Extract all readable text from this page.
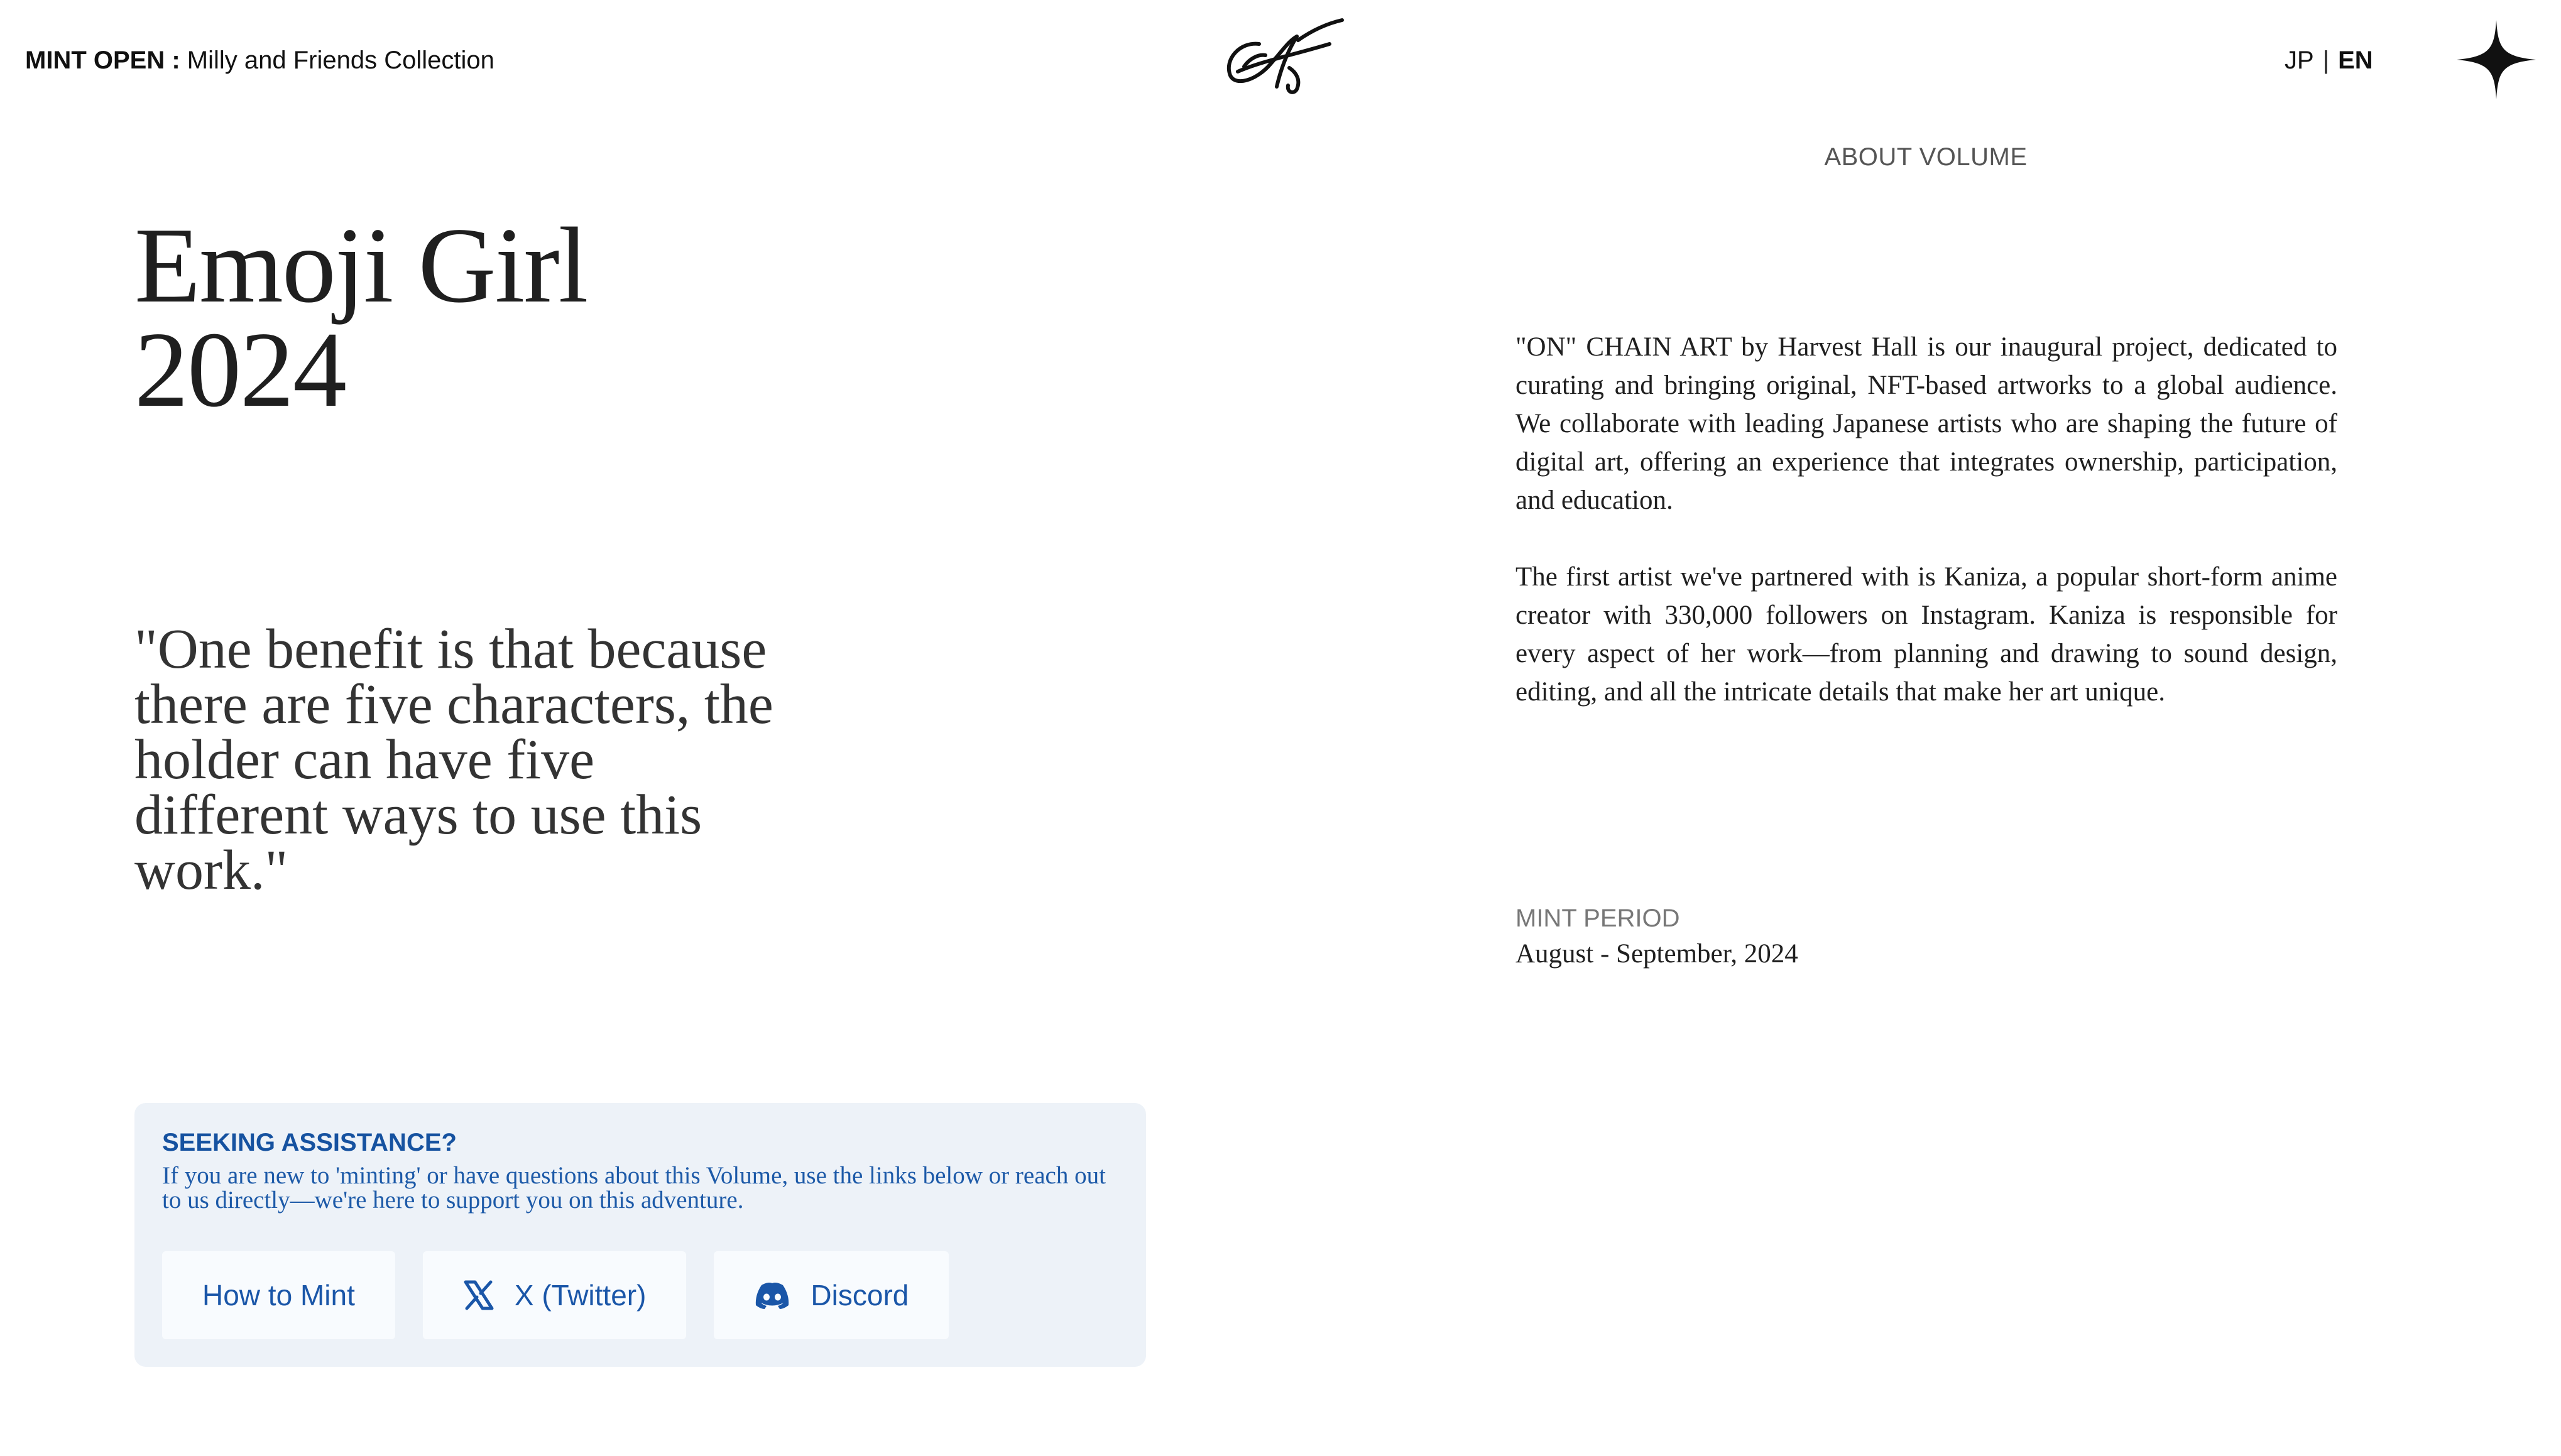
MINT OPEN : Milly and Friends Collection	JP | EN
Emoji Girl
2024

"One benefit is that because there are five characters, the holder can have five different ways to use this work."

SEEKING ASSISTANCE?

If you are new to 'minting' or have questions about this Volume, use the links below or reach out to us directly—we're here to support you on this adventure.

How to Mint	X (Twitter)	Discord
ABOUT VOLUME

"ON" CHAIN ART by Harvest Hall is our inaugural project, dedicated to curating and bringing original, NFT-based artworks to a global audience. We collaborate with leading Japanese artists who are shaping the future of digital art, offering an experience that integrates ownership, participation, and education.

The first artist we've partnered with is Kaniza, a popular short-form anime creator with 330,000 followers on Instagram. Kaniza is responsible for every aspect of her work—from planning and drawing to sound design, editing, and all the intricate details that make her art unique.

MINT PERIOD
August - September, 2024
